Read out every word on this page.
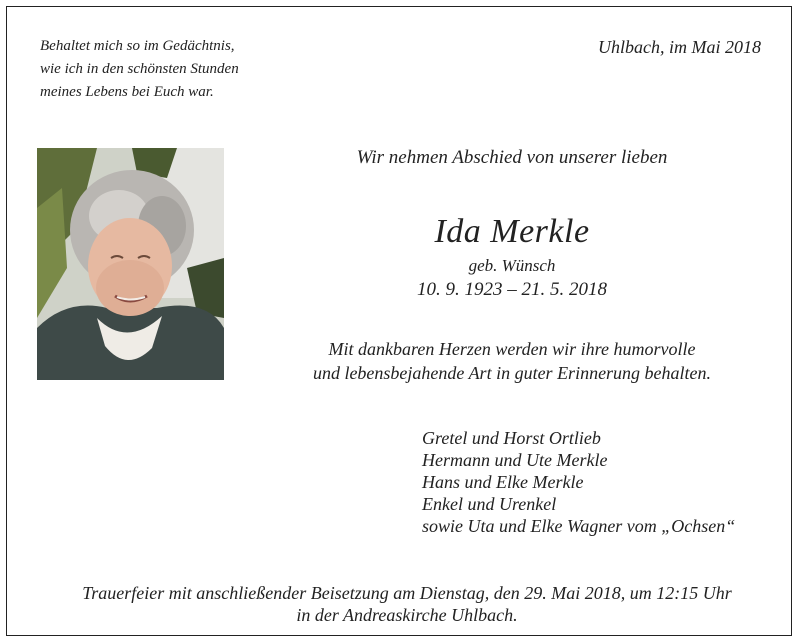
Behaltet mich so im Gedächtnis,
wie ich in den schönsten Stunden
meines Lebens bei Euch war.
Uhlbach, im Mai 2018
Wir nehmen Abschied von unserer lieben
Ida Merkle
geb. Wünsch
10. 9. 1923 – 21. 5. 2018
Mit dankbaren Herzen werden wir ihre humorvolle
und lebensbejahende Art in guter Erinnerung behalten.
Gretel und Horst Ortlieb
Hermann und Ute Merkle
Hans und Elke Merkle
Enkel und Urenkel
sowie Uta und Elke Wagner vom „Ochsen“
Trauerfeier mit anschließender Beisetzung am Dienstag, den 29. Mai 2018, um 12:15 Uhr
in der Andreaskirche Uhlbach.
